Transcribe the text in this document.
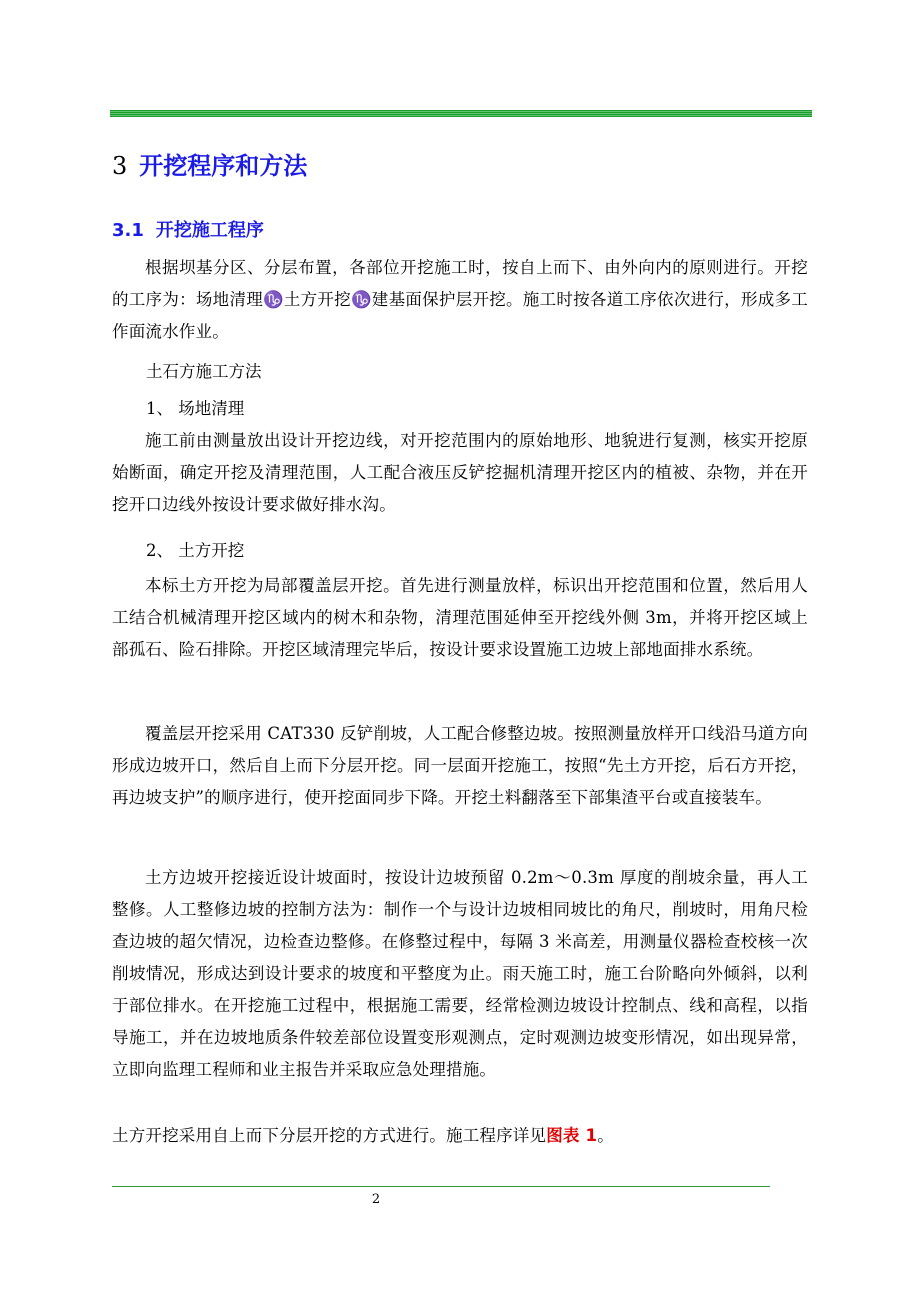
3 开挖程序和方法
3.1 开挖施工程序

根据坝基分区、分层布置，各部位开挖施工时，按自上而下、由外向内的原则进行。开挖的工序为：场地清理♑土方开挖♑建基面保护层开挖。施工时按各道工序依次进行，形成多工作面流水作业。

土石方施工方法

1、 场地清理

施工前由测量放出设计开挖边线，对开挖范围内的原始地形、地貌进行复测，核实开挖原始断面，确定开挖及清理范围，人工配合液压反铲挖掘机清理开挖区内的植被、杂物，并在开挖开口边线外按设计要求做好排水沟。

2、 土方开挖

本标土方开挖为局部覆盖层开挖。首先进行测量放样，标识出开挖范围和位置，然后用人工结合机械清理开挖区域内的树木和杂物，清理范围延伸至开挖线外侧 3m，并将开挖区域上部孤石、险石排除。开挖区域清理完毕后，按设计要求设置施工边坡上部地面排水系统。

覆盖层开挖采用 CAT330 反铲削坡，人工配合修整边坡。按照测量放样开口线沿马道方向形成边坡开口，然后自上而下分层开挖。同一层面开挖施工，按照“先土方开挖，后石方开挖，再边坡支护”的顺序进行，使开挖面同步下降。开挖土料翻落至下部集渣平台或直接装车。

土方边坡开挖接近设计坡面时，按设计边坡预留 0.2m～0.3m 厚度的削坡余量，再人工整修。人工整修边坡的控制方法为：制作一个与设计边坡相同坡比的角尺，削坡时，用角尺检查边坡的超欠情况，边检查边整修。在修整过程中，每隔 3 米高差，用测量仪器检查校核一次削坡情况，形成达到设计要求的坡度和平整度为止。雨天施工时，施工台阶略向外倾斜，以利于部位排水。在开挖施工过程中，根据施工需要，经常检测边坡设计控制点、线和高程，以指导施工，并在边坡地质条件较差部位设置变形观测点，定时观测边坡变形情况，如出现异常，立即向监理工程师和业主报告并采取应急处理措施。

土方开挖采用自上而下分层开挖的方式进行。施工程序详见图表 1。

2
